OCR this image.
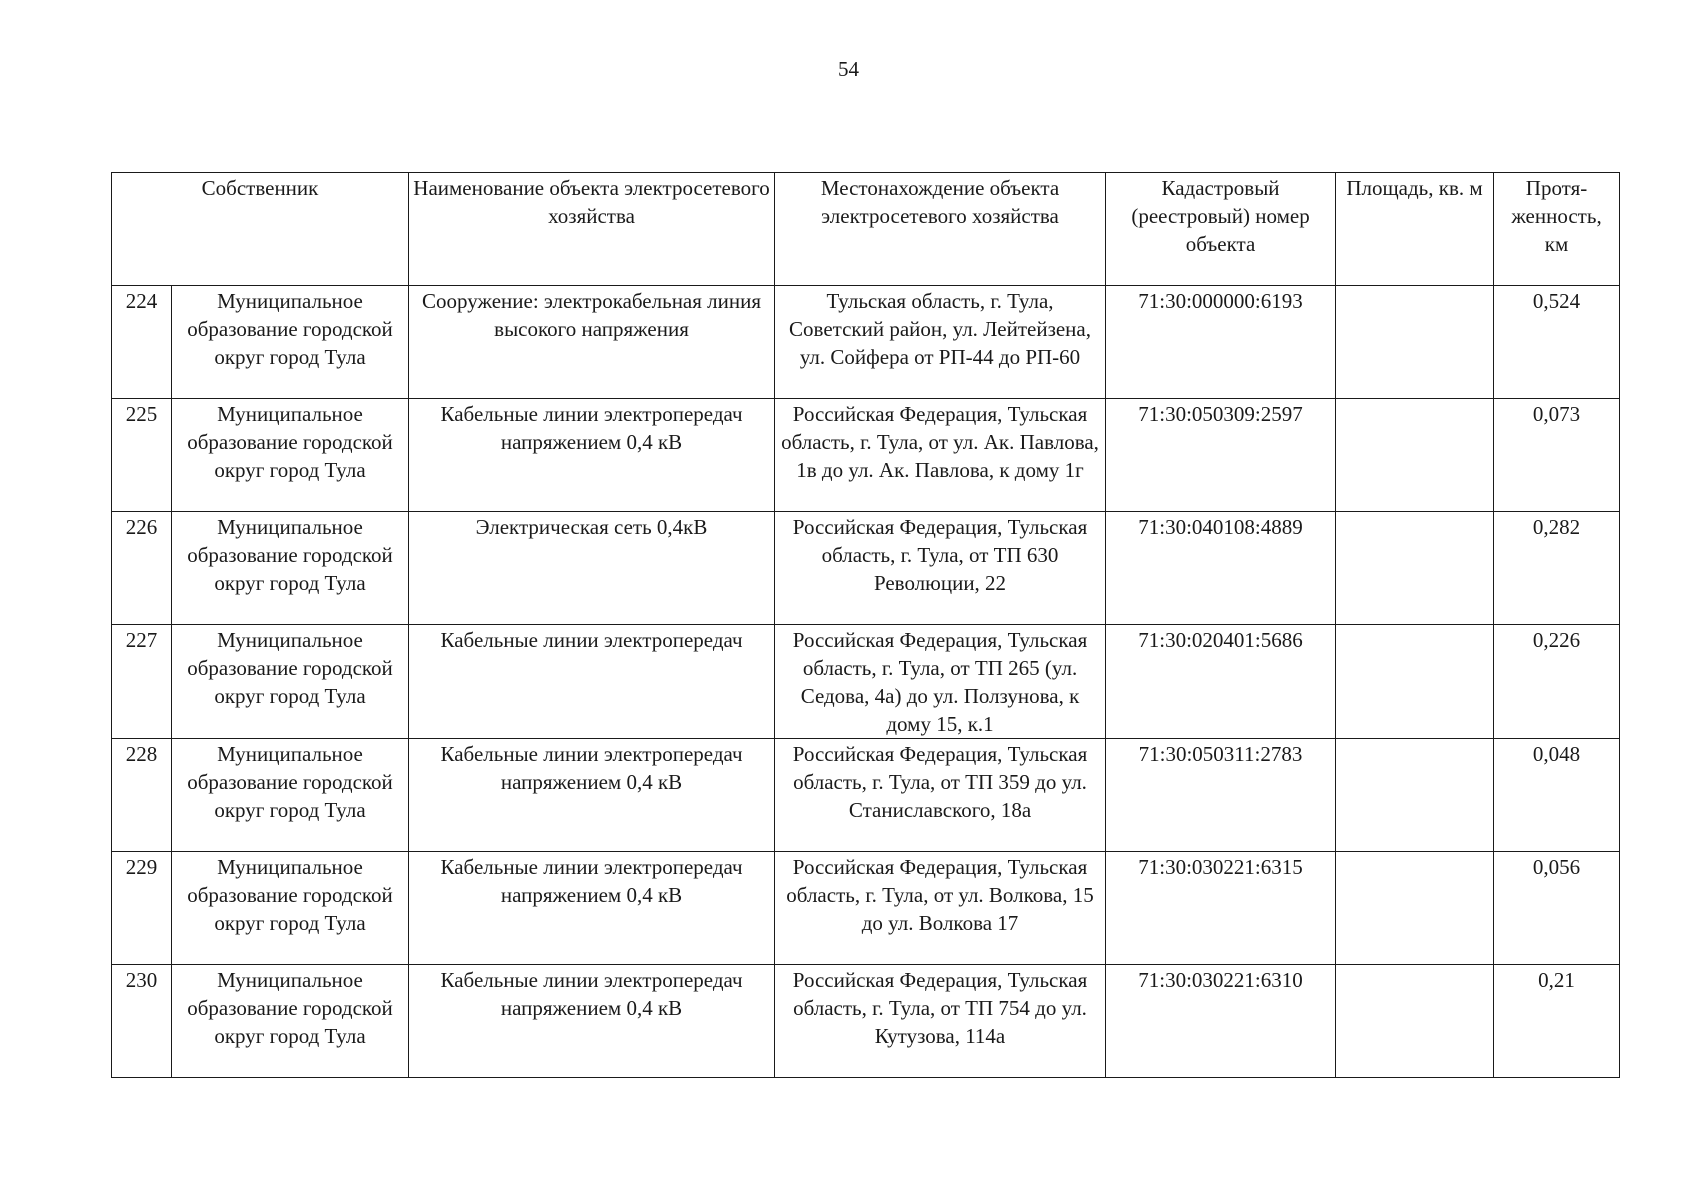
54
Собственник		Наименование объекта электросетевого хозяйства	Местонахождение объекта электросетевого хозяйства	Кадастровый (реестровый) номер объекта	Площадь, кв. м	Протя-женность, км
224	Муниципальное образование городской округ город Тула	Сооружение: электрокабельная линия высокого напряжения	Тульская область, г. Тула, Советский район, ул. Лейтейзена, ул. Сойфера от РП-44 до РП-60	71:30:000000:6193		0,524
225	Муниципальное образование городской округ город Тула	Кабельные линии электропередач напряжением 0,4 кВ	Российская Федерация, Тульская область, г. Тула, от ул. Ак. Павлова, 1в до ул. Ак. Павлова, к дому 1г	71:30:050309:2597		0,073
226	Муниципальное образование городской округ город Тула	Электрическая сеть 0,4кВ	Российская Федерация, Тульская область, г. Тула, от ТП 630 Революции, 22	71:30:040108:4889		0,282
227	Муниципальное образование городской округ город Тула	Кабельные линии электропередач	Российская Федерация, Тульская область, г. Тула, от ТП 265 (ул. Седова, 4а) до ул. Ползунова, к дому 15, к.1	71:30:020401:5686		0,226
228	Муниципальное образование городской округ город Тула	Кабельные линии электропередач напряжением 0,4 кВ	Российская Федерация, Тульская область, г. Тула, от ТП 359 до ул. Станиславского, 18а	71:30:050311:2783		0,048
229	Муниципальное образование городской округ город Тула	Кабельные линии электропередач напряжением 0,4 кВ	Российская Федерация, Тульская область, г. Тула, от ул. Волкова, 15 до ул. Волкова 17	71:30:030221:6315		0,056
230	Муниципальное образование городской округ город Тула	Кабельные линии электропередач напряжением 0,4 кВ	Российская Федерация, Тульская область, г. Тула, от ТП 754 до ул. Кутузова, 114а	71:30:030221:6310		0,21
